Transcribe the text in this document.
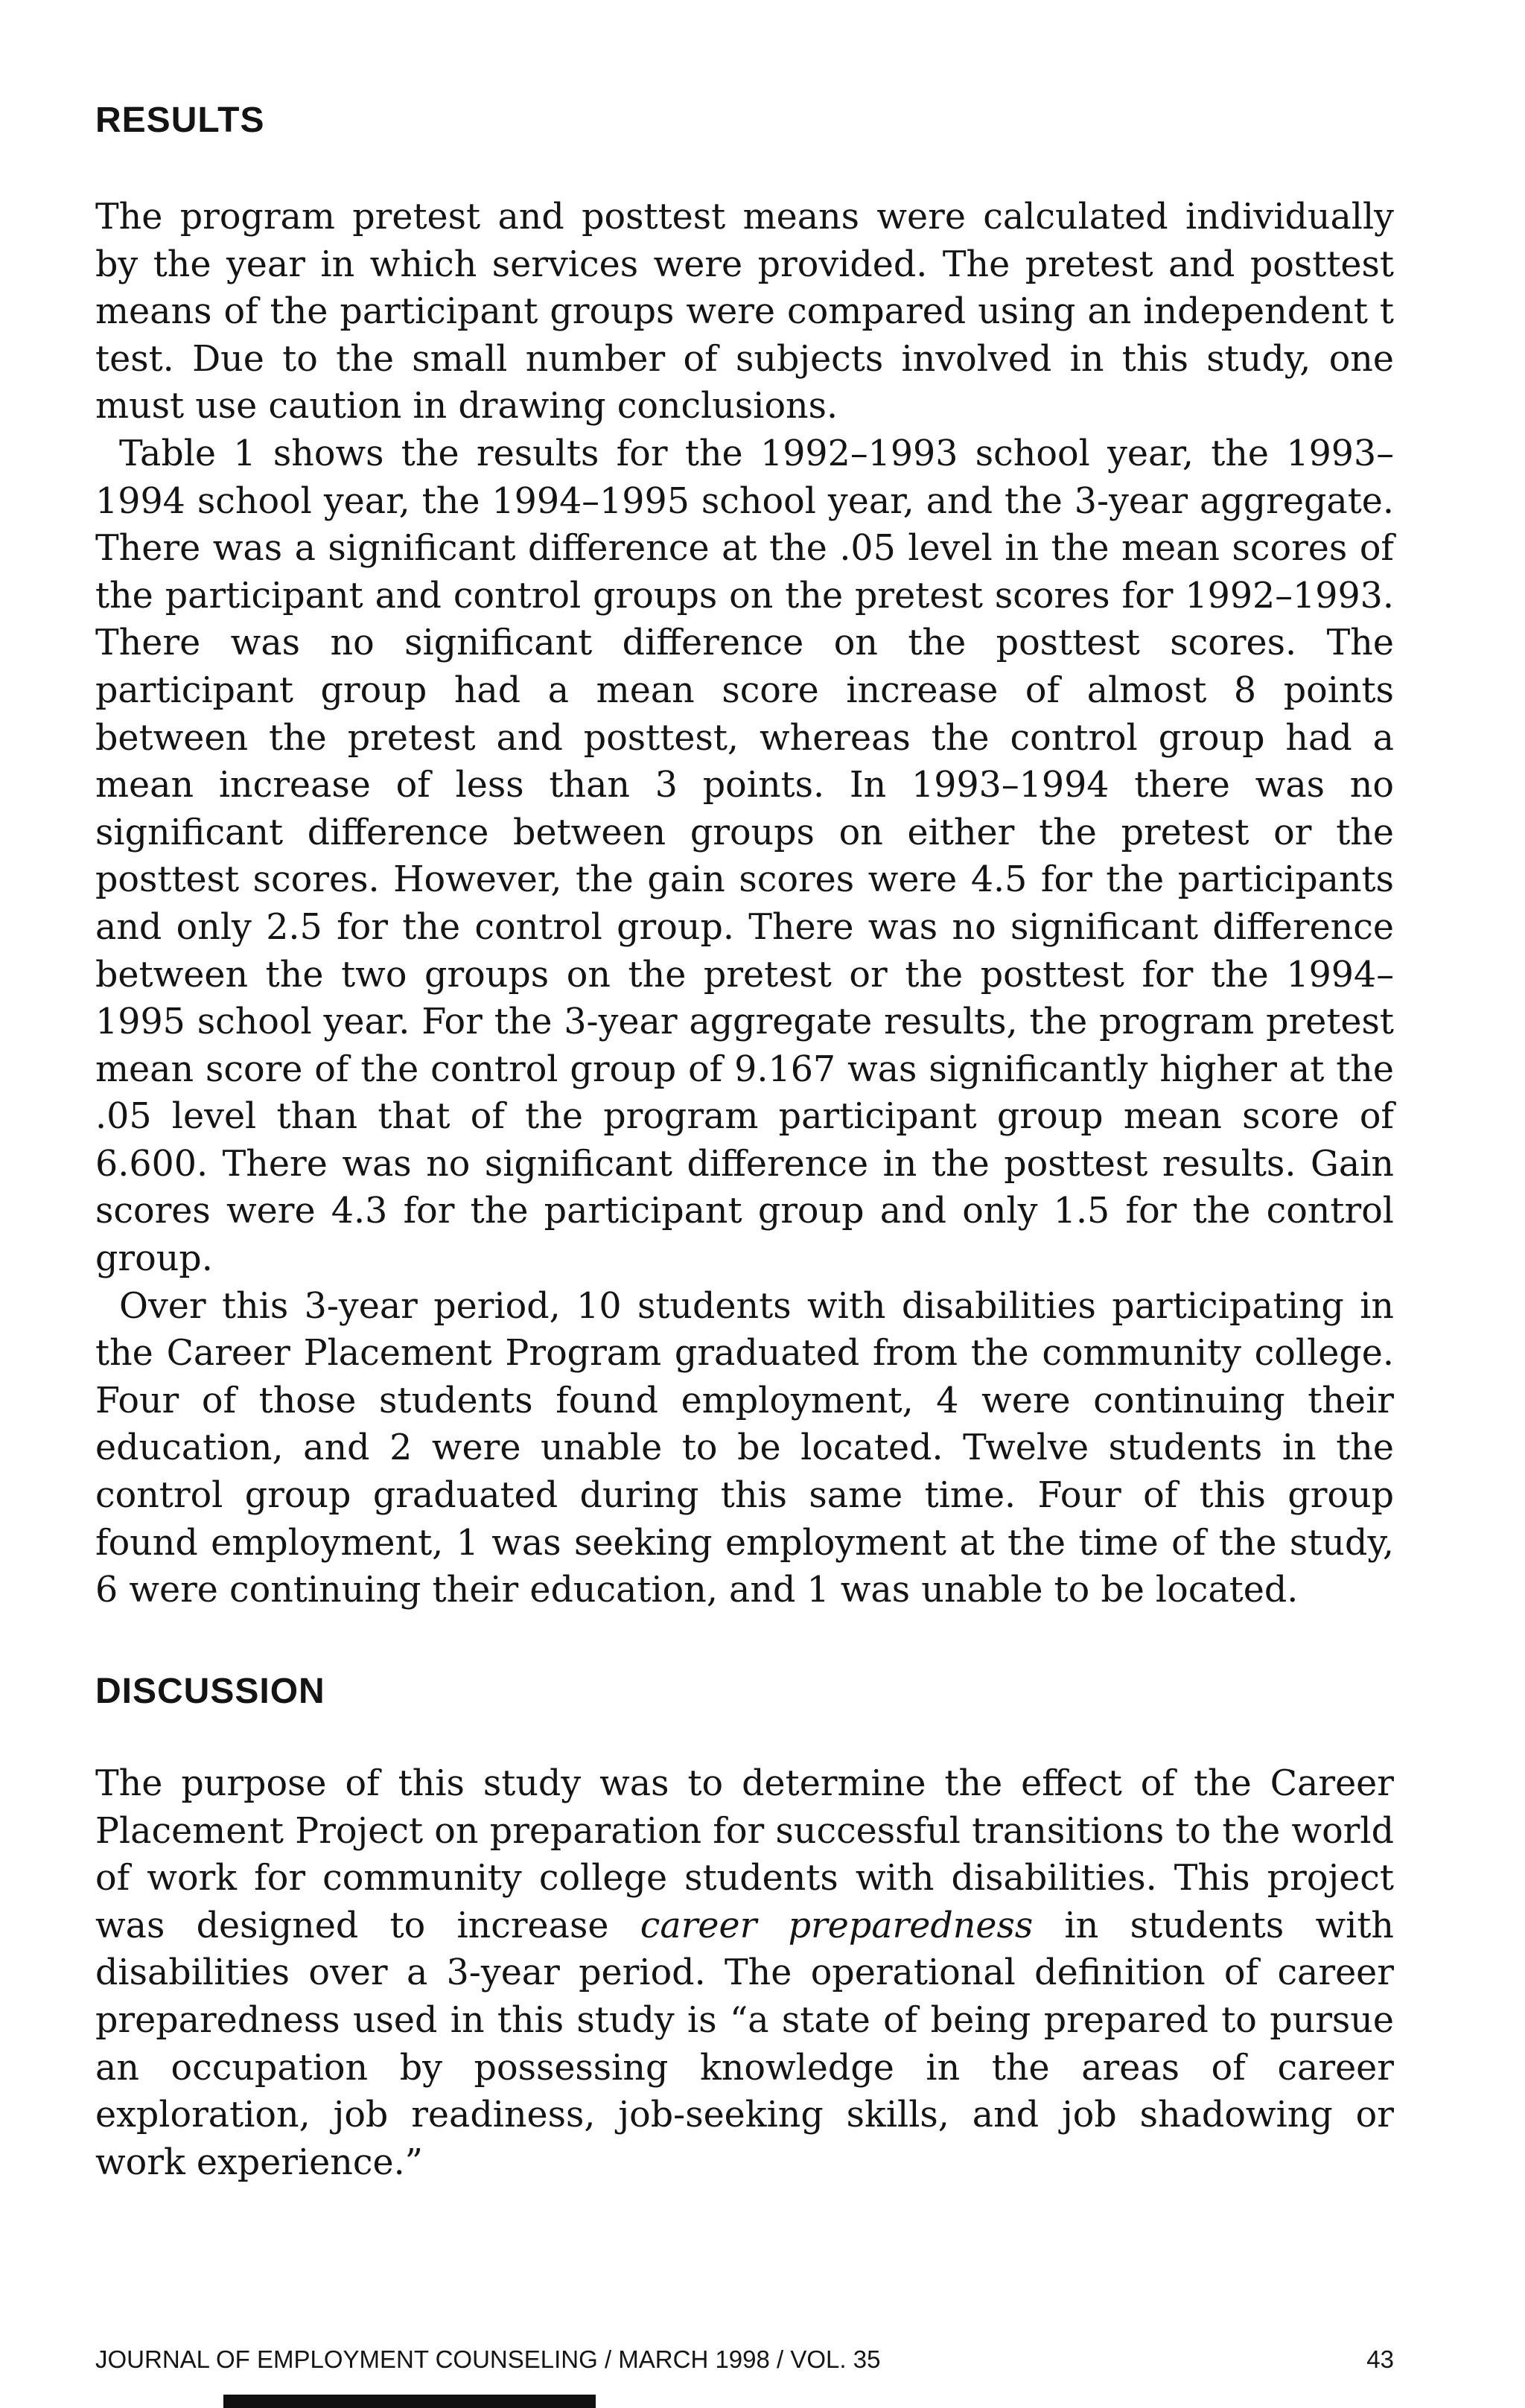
RESULTS

The program pretest and posttest means were calculated individually by the year in which services were provided. The pretest and posttest means of the participant groups were compared using an independent t test. Due to the small number of subjects involved in this study, one must use caution in drawing conclusions.

Table 1 shows the results for the 1992–1993 school year, the 1993– 1994 school year, the 1994–1995 school year, and the 3-year aggregate. There was a significant difference at the .05 level in the mean scores of the participant and control groups on the pretest scores for 1992–1993. There was no significant difference on the posttest scores. The participant group had a mean score increase of almost 8 points between the pretest and posttest, whereas the control group had a mean increase of less than 3 points. In 1993–1994 there was no significant difference between groups on either the pretest or the posttest scores. However, the gain scores were 4.5 for the participants and only 2.5 for the control group. There was no significant difference between the two groups on the pretest or the posttest for the 1994–1995 school year. For the 3-year aggregate results, the program pretest mean score of the control group of 9.167 was significantly higher at the .05 level than that of the program participant group mean score of 6.600. There was no significant difference in the posttest results. Gain scores were 4.3 for the participant group and only 1.5 for the control group.

Over this 3-year period, 10 students with disabilities participating in the Career Placement Program graduated from the community college. Four of those students found employment, 4 were continuing their education, and 2 were unable to be located. Twelve students in the control group graduated during this same time. Four of this group found employment, 1 was seeking employment at the time of the study, 6 were continuing their education, and 1 was unable to be located.

DISCUSSION

The purpose of this study was to determine the effect of the Career Placement Project on preparation for successful transitions to the world of work for community college students with disabilities. This project was designed to increase career preparedness in students with disabilities over a 3-year period. The operational definition of career preparedness used in this study is “a state of being prepared to pursue an occupation by possessing knowledge in the areas of career exploration, job readiness, job-seeking skills, and job shadowing or work experience.”

JOURNAL OF EMPLOYMENT COUNSELING / MARCH 1998 / VOL. 35	43
